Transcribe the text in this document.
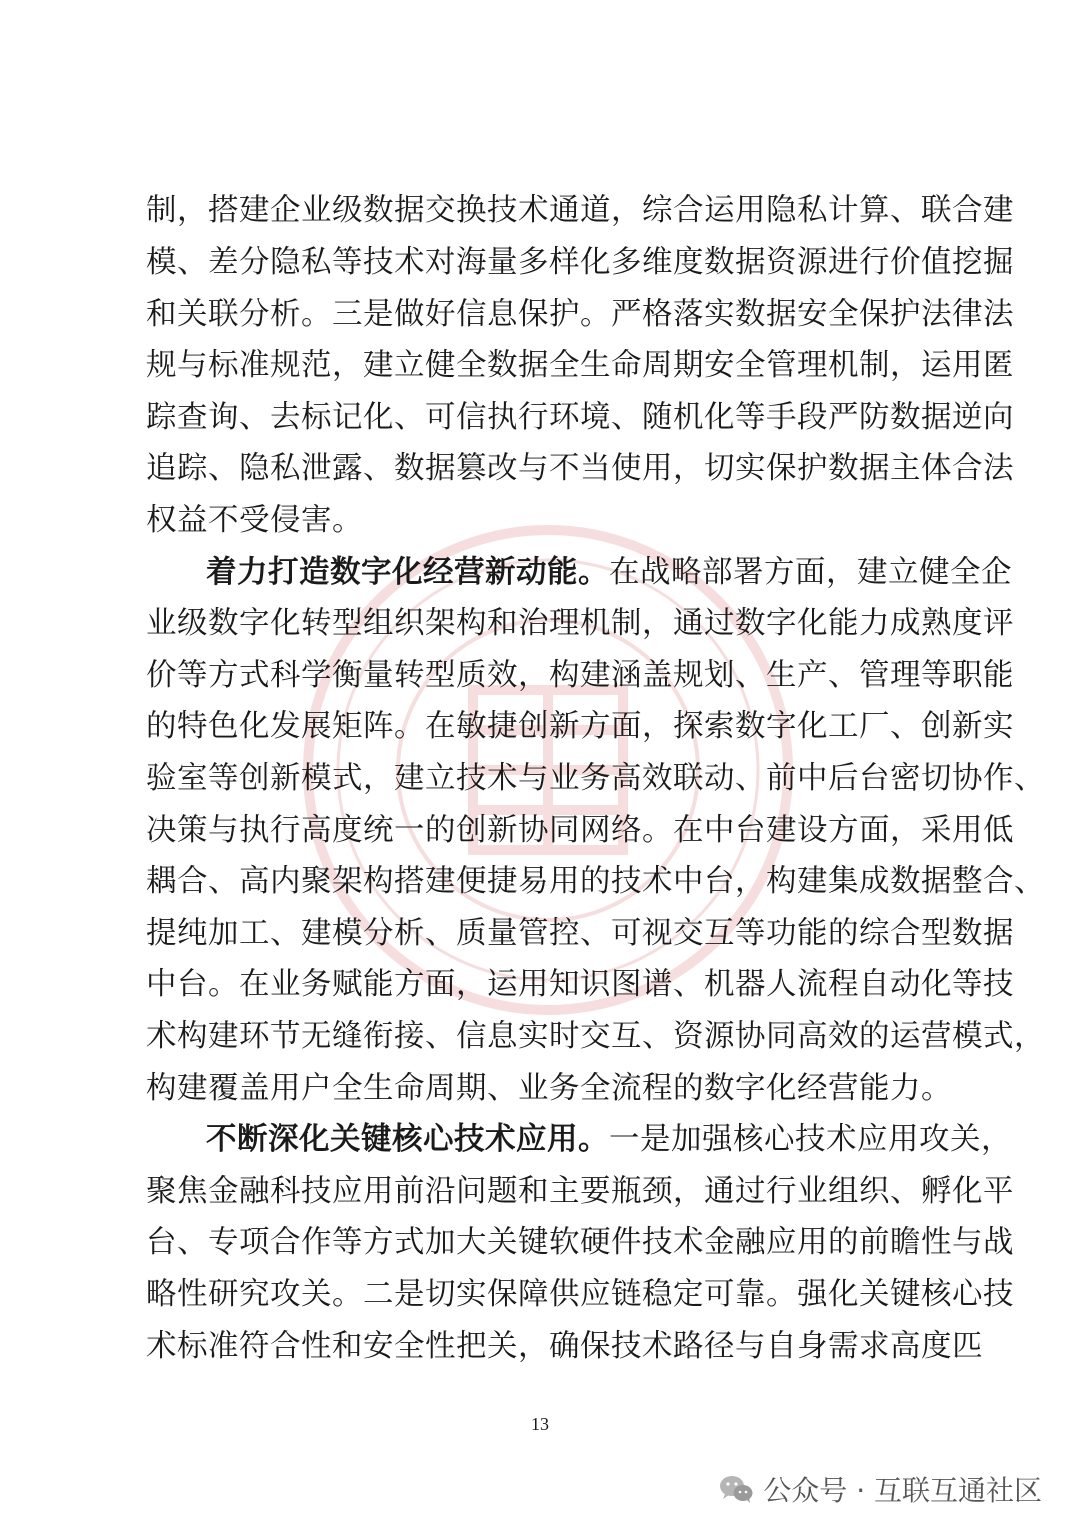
制，搭建企业级数据交换技术通道，综合运用隐私计算、联合建
模、差分隐私等技术对海量多样化多维度数据资源进行价值挖掘
和关联分析。三是做好信息保护。严格落实数据安全保护法律法
规与标准规范，建立健全数据全生命周期安全管理机制，运用匿
踪查询、去标记化、可信执行环境、随机化等手段严防数据逆向
追踪、隐私泄露、数据篡改与不当使用，切实保护数据主体合法
权益不受侵害。
着力打造数字化经营新动能。在战略部署方面，建立健全企
业级数字化转型组织架构和治理机制，通过数字化能力成熟度评
价等方式科学衡量转型质效，构建涵盖规划、生产、管理等职能
的特色化发展矩阵。在敏捷创新方面，探索数字化工厂、创新实
验室等创新模式，建立技术与业务高效联动、前中后台密切协作、
决策与执行高度统一的创新协同网络。在中台建设方面，采用低
耦合、高内聚架构搭建便捷易用的技术中台，构建集成数据整合、
提纯加工、建模分析、质量管控、可视交互等功能的综合型数据
中台。在业务赋能方面，运用知识图谱、机器人流程自动化等技
术构建环节无缝衔接、信息实时交互、资源协同高效的运营模式，
构建覆盖用户全生命周期、业务全流程的数字化经营能力。
不断深化关键核心技术应用。一是加强核心技术应用攻关，
聚焦金融科技应用前沿问题和主要瓶颈，通过行业组织、孵化平
台、专项合作等方式加大关键软硬件技术金融应用的前瞻性与战
略性研究攻关。二是切实保障供应链稳定可靠。强化关键核心技
术标准符合性和安全性把关，确保技术路径与自身需求高度匹
13
公众号 · 互联互通社区
